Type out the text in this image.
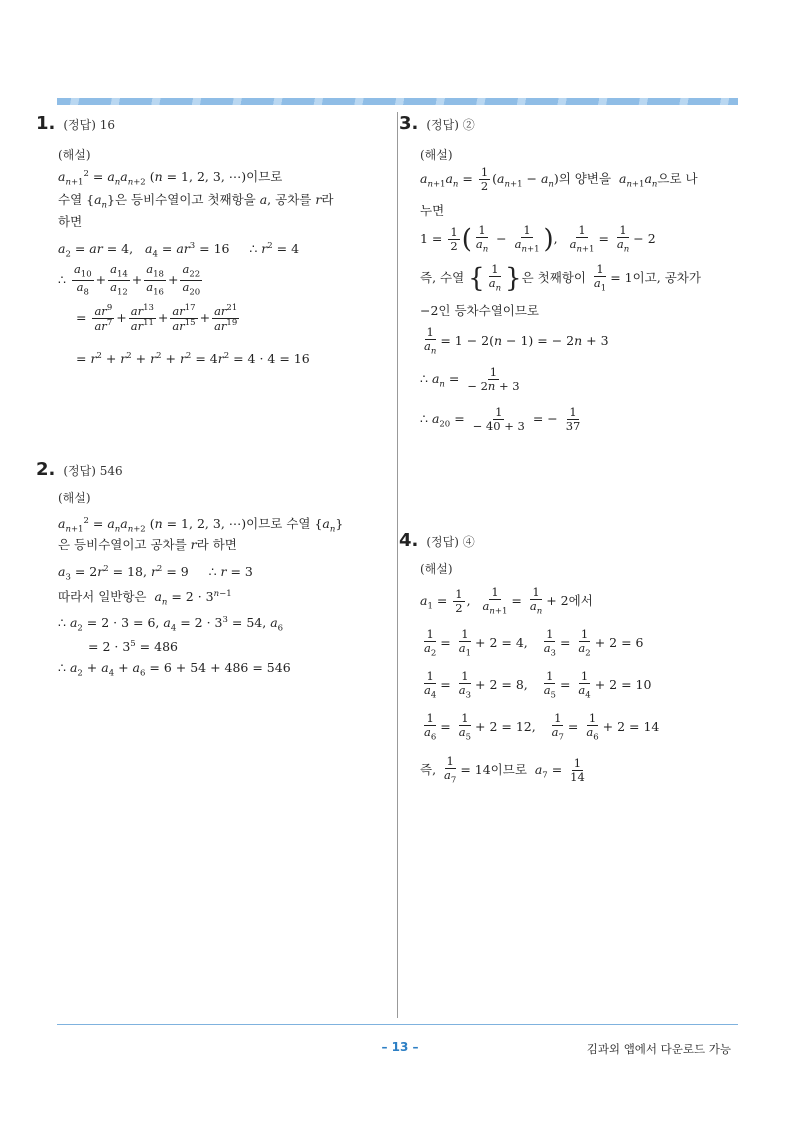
1. (정답) 16
(해설)
$a_{n+1}^2 = a_na_{n+2}$ (n = 1, 2, 3, ⋯)이므로
수열 $\{a_n\}$은 등비수열이고 첫째항을 a, 공차를 r라
하면
$a_2$ = ar = 4,   $a_4 = ar^3 = 16$     ∴ $r^2 = 4$
∴ $\frac{a_{10}}{a_8} + \frac{a_{14}}{a_{12}} + \frac{a_{18}}{a_{16}} + \frac{a_{22}}{a_{20}}$
= $\frac{ar^9}{ar^7} + \frac{ar^{13}}{ar^{11}} + \frac{ar^{17}}{ar^{15}} + \frac{ar^{21}}{ar^{19}}$
= $r^2 + r^2 + r^2 + r^2 = 4r^2 = 4 \cdot 4 = 16$
2. (정답) 546
(해설)
$a_{n+1}^2 = a_na_{n+2}$ (n = 1, 2, 3, ⋯)이므로 수열 $\{a_n\}$
은 등비수열이고 공차를 r라 하면
$a_3 = 2r^2 = 18$, $r^2 = 9$     ∴ r = 3
따라서 일반항은  $a_n = 2 \cdot 3^{n-1}$
∴ $a_2 = 2 \cdot 3 = 6$, $a_4 = 2 \cdot 3^3 = 54$, $a_6$
= $2 \cdot 3^5 = 486$
∴ $a_2 + a_4 + a_6 = 6 + 54 + 486 = 546$
3. (정답) ②
(해설)
$a_{n+1}a_n = \frac{1}{2} (a_{n+1} - a_n)$의 양변을  $a_{n+1}a_n$으로 나
누면
$1 = \frac{1}{2}$ ( $\frac{1}{a_n} - \frac{1}{a_{n+1}}$ ), $\frac{1}{a_{n+1}} = \frac{1}{a_n} - 2$
즉, 수열 { $\frac{1}{a_n}$ }은 첫째항이 $\frac{1}{a_1} = 1$이고, 공차가
−2인 등차수열이므로
$\frac{1}{a_n} = 1 - 2(n - 1)$ = − 2n + 3
∴ $a_n = \frac{1}{- 2n + 3}$
∴ $a_{20} = \frac{1}{- 40 + 3}$ = − $\frac{1}{37}$
4. (정답) ④
(해설)
$a_1 = \frac{1}{2}$ , $\frac{1}{a_{n+1}} = \frac{1}{a_n} + 2$에서
$\frac{1}{a_2} = \frac{1}{a_1} + 2 = 4$, $\frac{1}{a_3} = \frac{1}{a_2} + 2 = 6$
$\frac{1}{a_4} = \frac{1}{a_3} + 2 = 8$, $\frac{1}{a_5} = \frac{1}{a_4} + 2 = 10$
$\frac{1}{a_6} = \frac{1}{a_5} + 2 = 12$, $\frac{1}{a_7} = \frac{1}{a_6} + 2 = 14$
즉, $\frac{1}{a_7} = 14$이므로  $a_7 = \frac{1}{14}$
– 13 –	김과외 앱에서 다운로드 가능
